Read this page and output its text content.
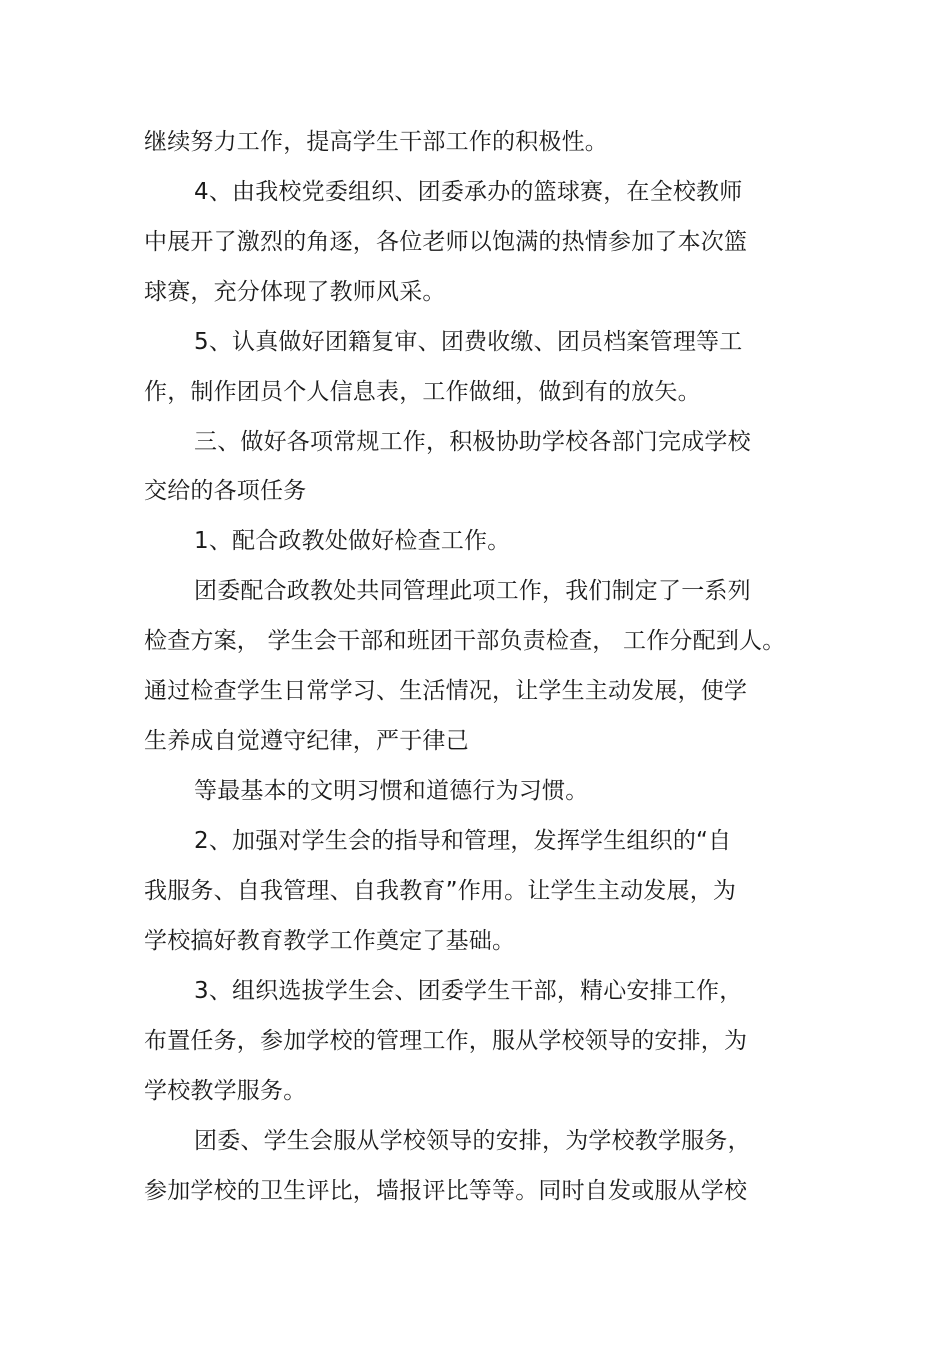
继续努力工作，提高学生干部工作的积极性。
4、由我校党委组织、团委承办的篮球赛，在全校教师
中展开了激烈的角逐，各位老师以饱满的热情参加了本次篮
球赛，充分体现了教师风采。
5、认真做好团籍复审、团费收缴、团员档案管理等工
作，制作团员个人信息表，工作做细，做到有的放矢。
三、做好各项常规工作，积极协助学校各部门完成学校
交给的各项任务
1、配合政教处做好检查工作。
团委配合政教处共同管理此项工作，我们制定了一系列
检查方案， 学生会干部和班团干部负责检查， 工作分配到人。
通过检查学生日常学习、生活情况，让学生主动发展，使学
生养成自觉遵守纪律，严于律己
等最基本的文明习惯和道德行为习惯。
2、加强对学生会的指导和管理，发挥学生组织的“自
我服务、自我管理、自我教育”作用。让学生主动发展，为
学校搞好教育教学工作奠定了基础。
3、组织选拔学生会、团委学生干部，精心安排工作，
布置任务，参加学校的管理工作，服从学校领导的安排，为
学校教学服务。
团委、学生会服从学校领导的安排，为学校教学服务，
参加学校的卫生评比，墙报评比等等。同时自发或服从学校
